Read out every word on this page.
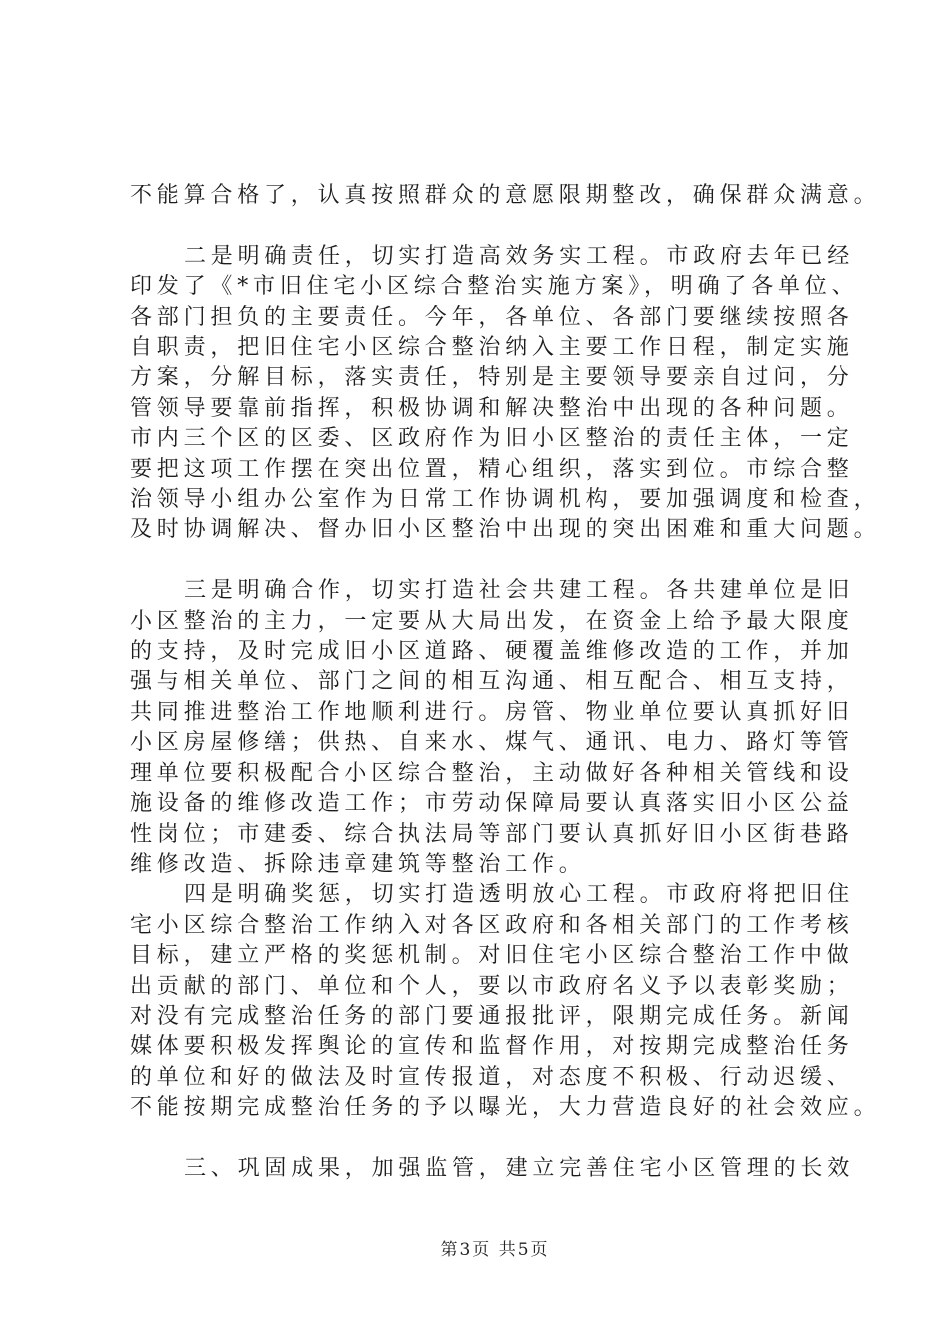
不能算合格了，认真按照群众的意愿限期整改，确保群众满意。
二是明确责任，切实打造高效务实工程。市政府去年已经
印发了《*市旧住宅小区综合整治实施方案》，明确了各单位、
各部门担负的主要责任。今年，各单位、各部门要继续按照各
自职责，把旧住宅小区综合整治纳入主要工作日程，制定实施
方案，分解目标，落实责任，特别是主要领导要亲自过问，分
管领导要靠前指挥，积极协调和解决整治中出现的各种问题。
市内三个区的区委、区政府作为旧小区整治的责任主体，一定
要把这项工作摆在突出位置，精心组织，落实到位。市综合整
治领导小组办公室作为日常工作协调机构，要加强调度和检查，
及时协调解决、督办旧小区整治中出现的突出困难和重大问题。
三是明确合作，切实打造社会共建工程。各共建单位是旧
小区整治的主力，一定要从大局出发，在资金上给予最大限度
的支持，及时完成旧小区道路、硬覆盖维修改造的工作，并加
强与相关单位、部门之间的相互沟通、相互配合、相互支持，
共同推进整治工作地顺利进行。房管、物业单位要认真抓好旧
小区房屋修缮；供热、自来水、煤气、通讯、电力、路灯等管
理单位要积极配合小区综合整治，主动做好各种相关管线和设
施设备的维修改造工作；市劳动保障局要认真落实旧小区公益
性岗位；市建委、综合执法局等部门要认真抓好旧小区街巷路
维修改造、拆除违章建筑等整治工作。
四是明确奖惩，切实打造透明放心工程。市政府将把旧住
宅小区综合整治工作纳入对各区政府和各相关部门的工作考核
目标，建立严格的奖惩机制。对旧住宅小区综合整治工作中做
出贡献的部门、单位和个人，要以市政府名义予以表彰奖励；
对没有完成整治任务的部门要通报批评，限期完成任务。新闻
媒体要积极发挥舆论的宣传和监督作用，对按期完成整治任务
的单位和好的做法及时宣传报道，对态度不积极、行动迟缓、
不能按期完成整治任务的予以曝光，大力营造良好的社会效应。
三、巩固成果，加强监管，建立完善住宅小区管理的长效
第3页 共5页
